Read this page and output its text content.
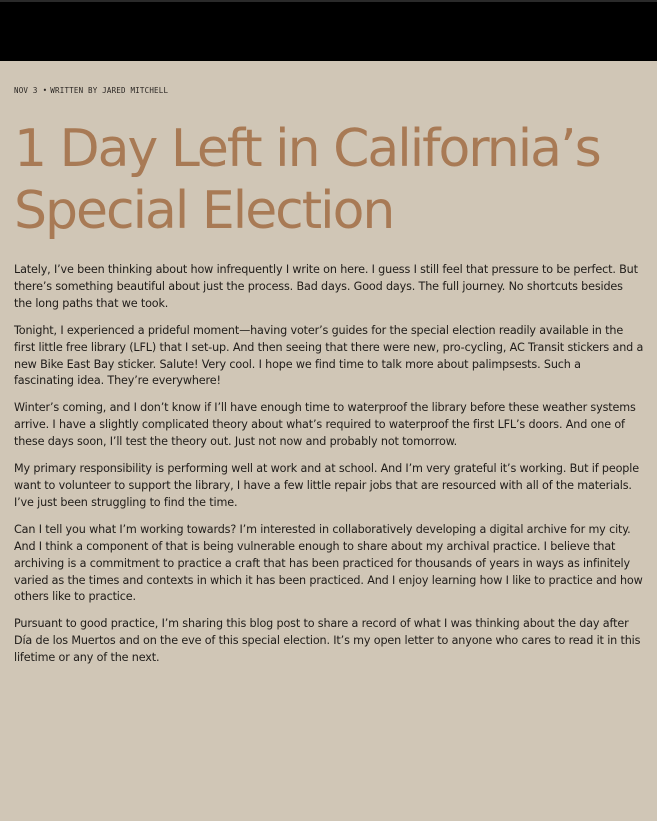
NOV 3 • WRITTEN BY JARED MITCHELL
1 Day Left in California’s Special Election

Lately, I’ve been thinking about how infrequently I write on here. I guess I still feel that pressure to be perfect. But there’s something beautiful about just the process. Bad days. Good days. The full journey. No shortcuts besides the long paths that we took.

Tonight, I experienced a prideful moment—having voter’s guides for the special election readily available in the first little free library (LFL) that I set-up. And then seeing that there were new, pro-cycling, AC Transit stickers and a new Bike East Bay sticker. Salute! Very cool. I hope we find time to talk more about palimpsests. Such a fascinating idea. They’re everywhere!

Winter’s coming, and I don’t know if I’ll have enough time to waterproof the library before these weather systems arrive. I have a slightly complicated theory about what’s required to waterproof the first LFL’s doors. And one of these days soon, I’ll test the theory out. Just not now and probably not tomorrow.

My primary responsibility is performing well at work and at school. And I’m very grateful it’s working. But if people want to volunteer to support the library, I have a few little repair jobs that are resourced with all of the materials. I’ve just been struggling to find the time.

Can I tell you what I’m working towards? I’m interested in collaboratively developing a digital archive for my city. And I think a component of that is being vulnerable enough to share about my archival practice. I believe that archiving is a commitment to practice a craft that has been practiced for thousands of years in ways as infinitely varied as the times and contexts in which it has been practiced. And I enjoy learning how I like to practice and how others like to practice.

Pursuant to good practice, I’m sharing this blog post to share a record of what I was thinking about the day after Día de los Muertos and on the eve of this special election. It’s my open letter to anyone who cares to read it in this lifetime or any of the next.
